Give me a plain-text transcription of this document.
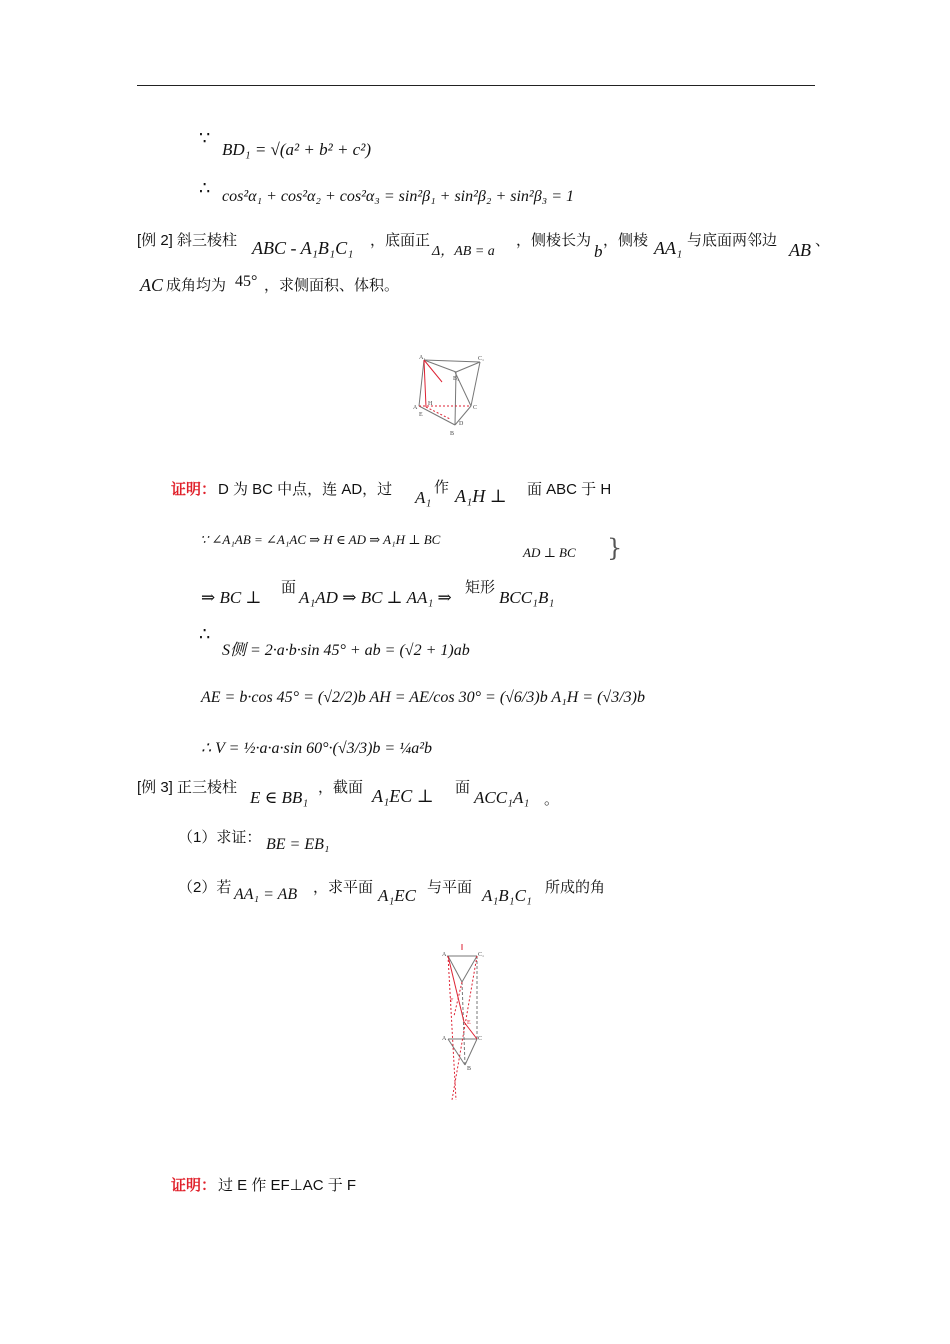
∵
BD₁ = √(a² + b² + c²)
∴ cos²α₁ + cos²α₂ + cos²α₃ = sin²β₁ + sin²β₂ + sin²β₃ = 1
[例 2] 斜三棱柱 ABC - A₁B₁C₁ ，底面正
Δ，AB = a
，侧棱长为
b
，侧棱 AA₁ 与底面两邻边 AB 、
AC 成角均为 45° ，求侧面积、体积。
A₁	C₁
B₁
A
H
E
D
C
B
证明： D 为 BC 中点，连 AD，过 A₁
作 A₁H ⊥ 面 ABC 于 H
∵ ∠A₁AB = ∠A₁AC ⇒ H ∈ AD ⇒ A₁H ⊥ BC
AD ⊥ BC }
⇒ BC ⊥
面
A₁AD ⇒ BC ⊥ AA₁ ⇒
矩形
BCC₁B₁
∴
S侧 = 2·a·b·sin 45° + ab = (√2 + 1)ab
AE = b·cos 45° = (√2/2)b AH = AE/cos 30° = (√6/3)b A₁H = (√3/3)b
∴ V = ½·a·a·sin 60°·(√3/3)b = ¼a²b
[例 3] 正三棱柱
E ∈ BB₁
，截面 A₁EC ⊥ 面
ACC₁A₁ 。
（1）求证： BE = EB₁
（2）若 AA₁ = AB ，求平面 A₁EC 与平面 A₁B₁C₁ 所成的角
A₁	C₁
E
F
A	C
B
证明： 过 E 作 EF⊥AC 于 F
